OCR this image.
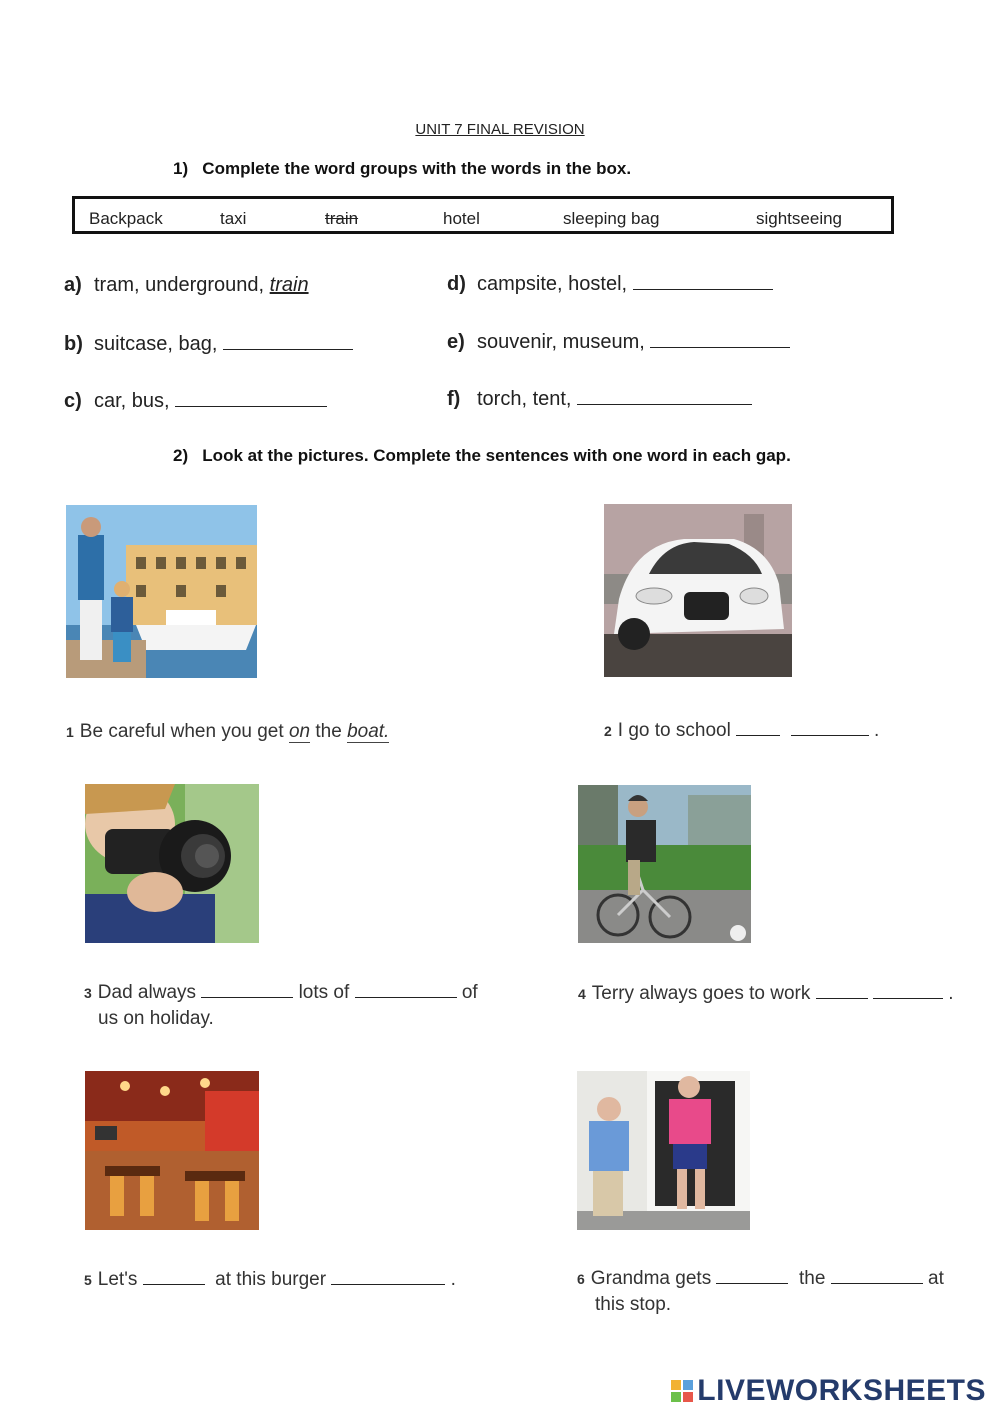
UNIT 7 FINAL REVISION
1) Complete the word groups with the words in the box.
Backpack	taxi	train	hotel	sleeping bag	sightseeing
a) tram, underground, train
b) suitcase, bag,
c) car, bus,
d) campsite, hostel,
e) souvenir, museum,
f) torch, tent,
2) Look at the pictures. Complete the sentences with one word in each gap.
1 Be careful when you get on the boat.	2 I go to school	.
3 Dad always	lots of	of
us on holiday.
4 Terry always goes to work	.
5 Let's	at this burger	.	6 Grandma gets	the	at
this stop.
LIVEWORKSHEETS
